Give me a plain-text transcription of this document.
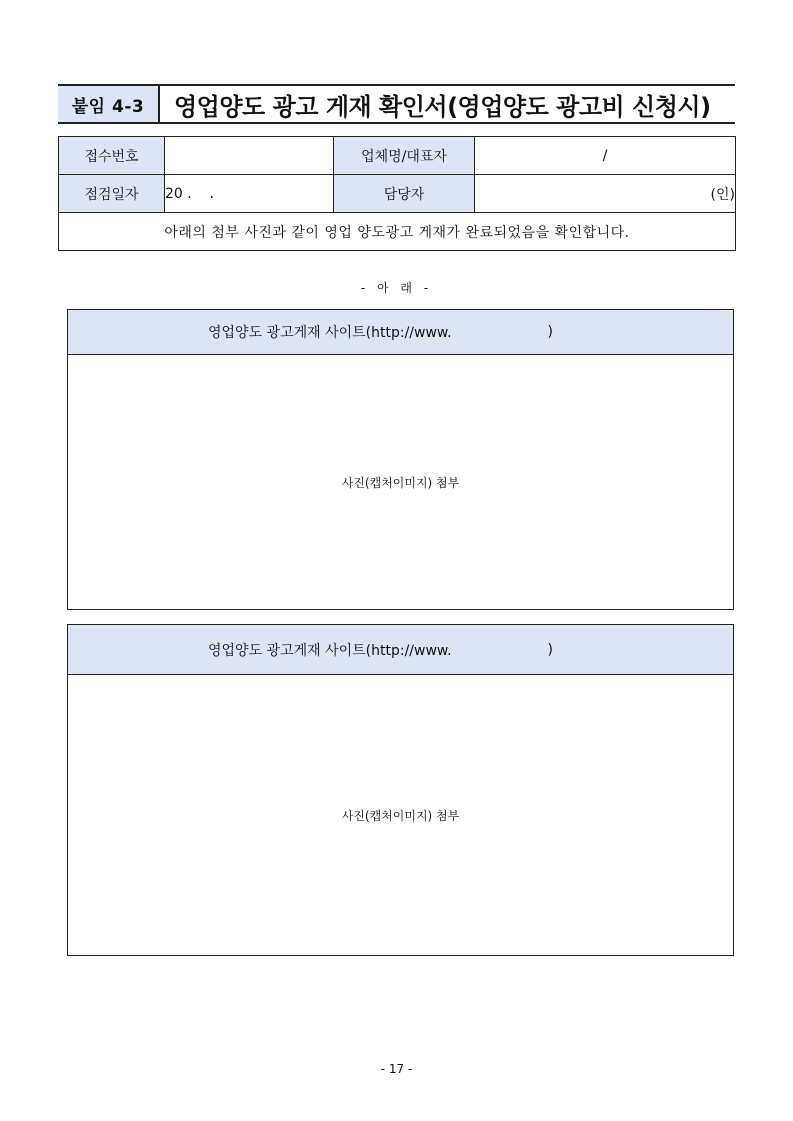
붙임 4-3	영업양도 광고 게재 확인서(영업양도 광고비 신청시)
접수번호		업체명/대표자	/
점검일자	20 .    .	담당자	(인)
아래의 첨부 사진과 같이 영업 양도광고 게재가 완료되었음을 확인합니다.			
- 아 래 -
영업양도 광고게재 사이트(http://www.	)
사진(캡처이미지) 첨부
영업양도 광고게재 사이트(http://www.	)
사진(캡처이미지) 첨부
- 17 -
